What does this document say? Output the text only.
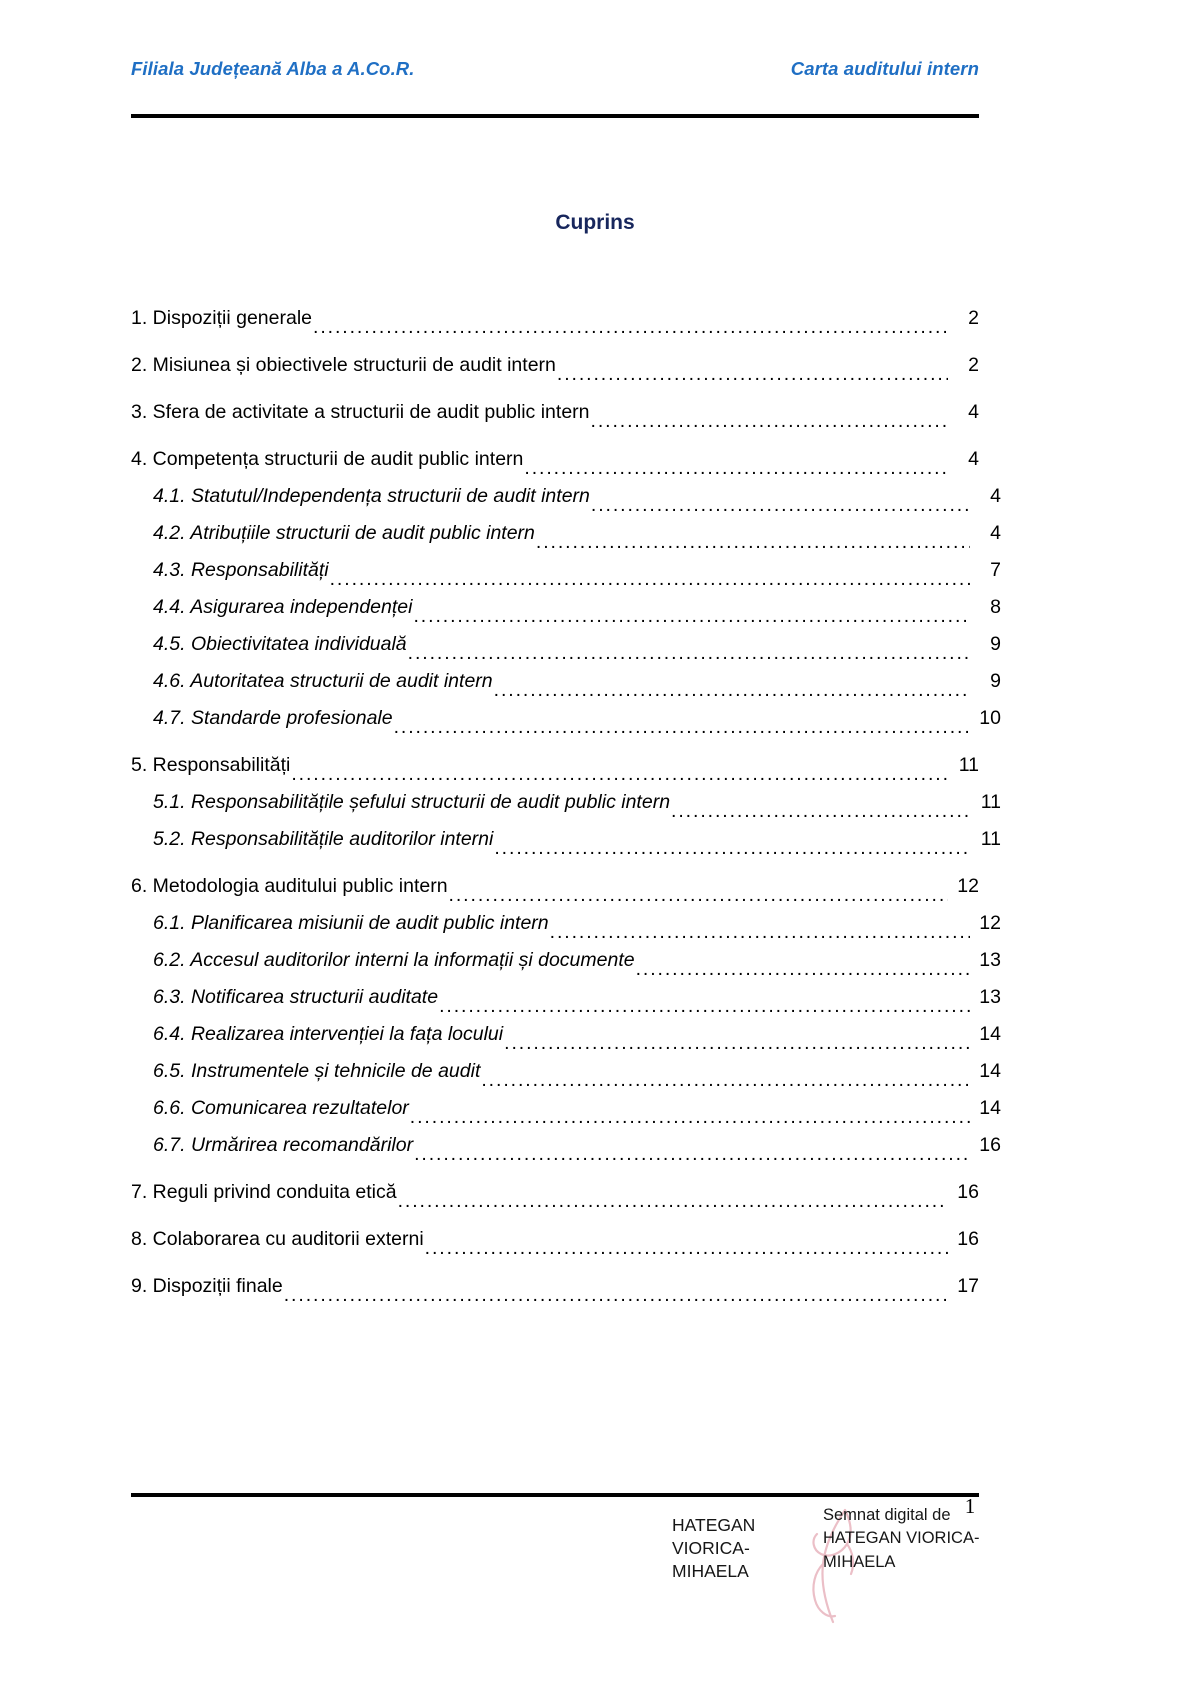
Filiala Județeană Alba a A.Co.R.	Carta auditului intern
Cuprins
1. Dispoziții generale .....	2
2. Misiunea și obiectivele structurii de audit intern .....	2
3. Sfera de activitate a structurii de audit public intern .....	4
4. Competența structurii de audit public intern .....	4
4.1. Statutul/Independența structurii de audit intern .....	4
4.2. Atribuțiile structurii de audit public intern .....	4
4.3. Responsabilități .....	7
4.4. Asigurarea independenței .....	8
4.5. Obiectivitatea individuală .....	9
4.6. Autoritatea structurii de audit intern .....	9
4.7. Standarde profesionale .....	10
5. Responsabilități .....	11
5.1. Responsabilitățile șefului structurii de audit public intern .....	11
5.2. Responsabilitățile auditorilor interni .....	11
6. Metodologia auditului public intern .....	12
6.1. Planificarea misiunii de audit public intern .....	12
6.2. Accesul auditorilor interni la informații și documente .....	13
6.3. Notificarea structurii auditate .....	13
6.4. Realizarea intervenției la fața locului .....	14
6.5. Instrumentele și tehnicile de audit .....	14
6.6. Comunicarea rezultatelor .....	14
6.7. Urmărirea recomandărilor .....	16
7. Reguli privind conduita etică .....	16
8. Colaborarea cu auditorii externi .....	16
9. Dispoziții finale .....	17
1
HATEGAN
VIORICA-MIHAELA
Semnat digital de
HATEGAN VIORICA-
MIHAELA
